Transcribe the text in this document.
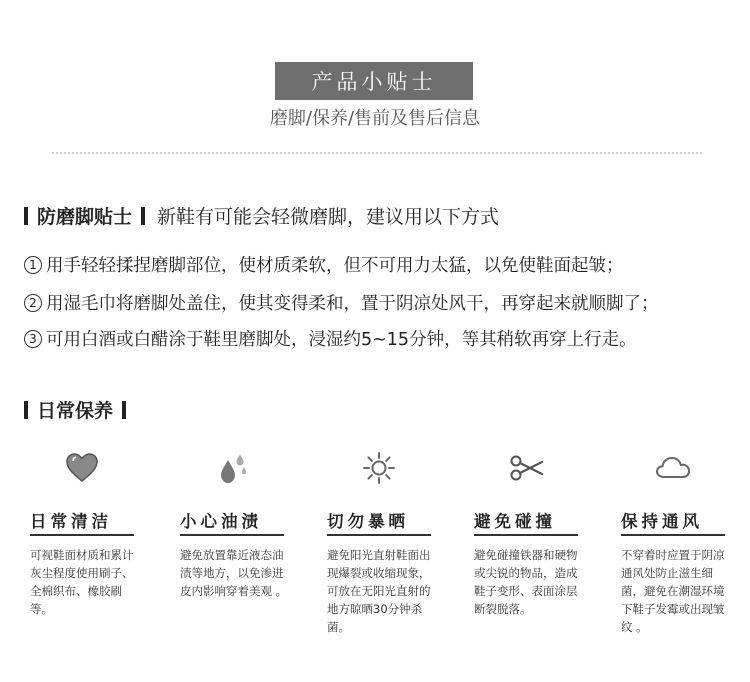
产品小贴士
磨脚/保养/售前及售后信息
防磨脚贴士 新鞋有可能会轻微磨脚，建议用以下方式
1 用手轻轻揉捏磨脚部位，使材质柔软，但不可用力太猛，以免使鞋面起皱；
2 用湿毛巾将磨脚处盖住，使其变得柔和，置于阴凉处风干，再穿起来就顺脚了；
3 可用白酒或白醋涂于鞋里磨脚处，浸湿约5~15分钟，等其稍软再穿上行走。
日常保养
日常清洁
可视鞋面材质和累计灰尘程度使用刷子、全棉织布、橡胶刷等。
小心油渍
避免放置靠近液态油渍等地方，以免渗进皮内影响穿着美观 。
切勿暴晒
避免阳光直射鞋面出现爆裂或收缩现象，可放在无阳光直射的地方晾晒30分钟杀菌。
避免碰撞
避免碰撞铁器和硬物或尖锐的物品，造成鞋子变形、表面涂层断裂脱落。
保持通风
不穿着时应置于阴凉通风处防止滋生细菌，避免在潮湿环境下鞋子发霉或出现皱纹 。
